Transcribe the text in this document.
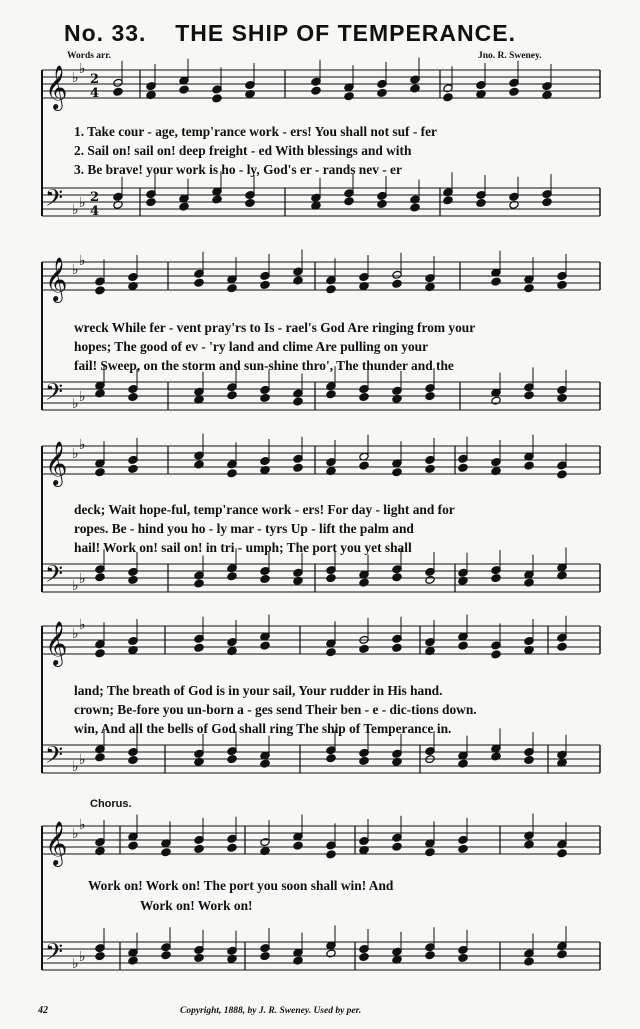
𝄞
𝄢
♭
♭
♭ ♭
2
4
2
4
𝄞
𝄢
♭
♭
♭ ♭
𝄞
𝄢
♭
♭
♭ ♭
𝄞
𝄢
♭
♭
♭ ♭
𝄞
𝄢
♭
♭
♭ ♭
No. 33. THE SHIP OF TEMPERANCE.
Words arr.	Jno. R. Sweney.
1. Take cour - age, temp'rance work - ers! You shall not suf - fer
2. Sail on! sail on! deep freight - ed With blessings and with
3. Be brave! your work is ho - ly, God's er - rands nev - er
wreck While fer - vent pray'rs to Is - rael's God Are ringing from your
hopes; The good of ev - 'ry land and clime Are pulling on your
fail! Sweep, on the storm and sun-shine thro', The thunder and the
deck; Wait hope-ful, temp'rance work - ers! For day - light and for
ropes. Be - hind you ho - ly mar - tyrs Up - lift the palm and
hail! Work on! sail on! in tri - umph; The port you yet shall
land; The breath of God is in your sail, Your rudder in His hand.
crown; Be-fore you un-born a - ges send Their ben - e - dic-tions down.
win, And all the bells of God shall ring The ship of Temperance in.
Chorus.
Work on! Work on! The port you soon shall win! And
Work on! Work on!
42	Copyright, 1888, by J. R. Sweney. Used by per.
